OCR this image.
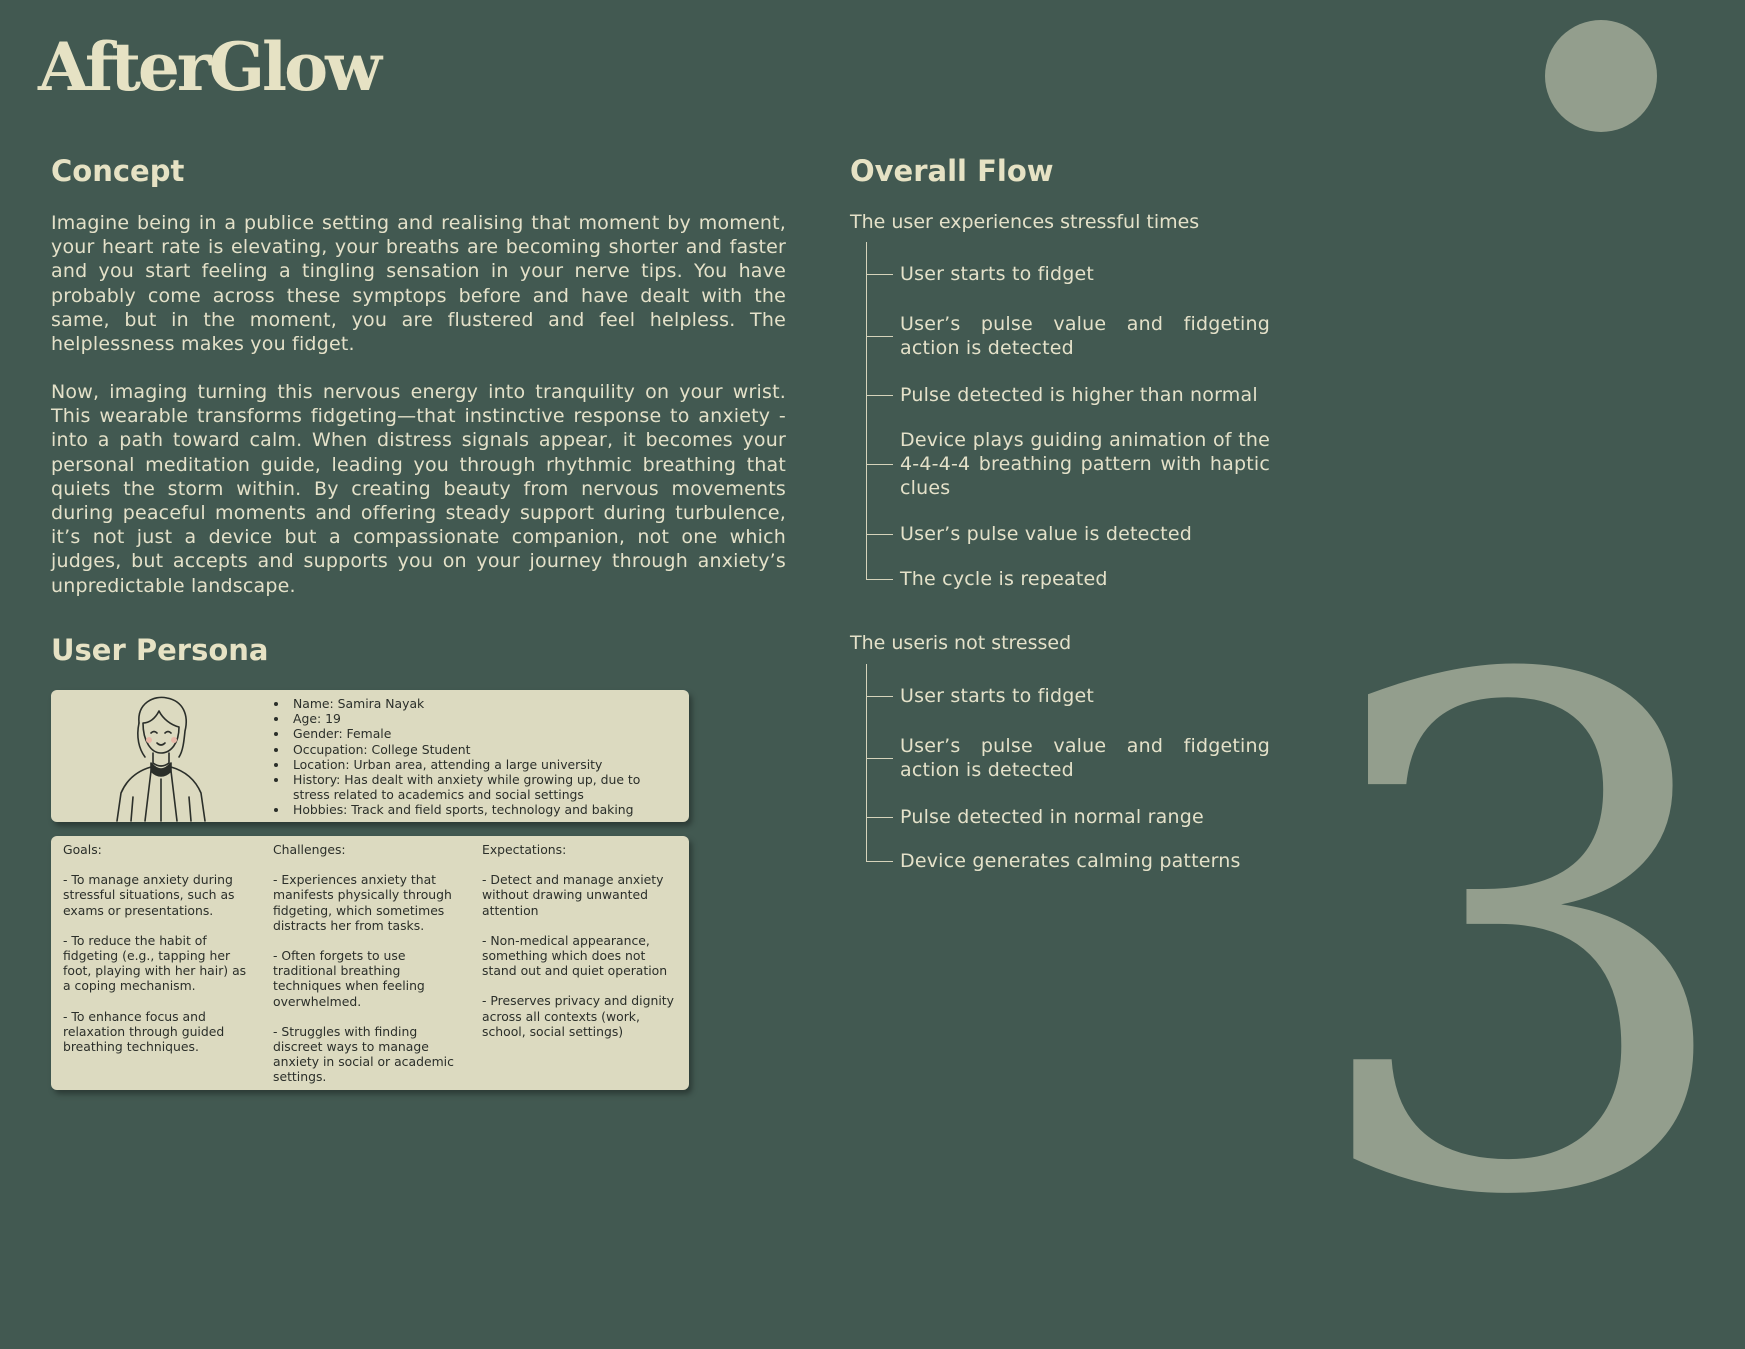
3
AfterGlow
Concept

Imagine being in a publice setting and realising that moment by moment, your heart rate is elevating, your breaths are becoming shorter and faster and you start feeling a tingling sensation in your nerve tips. You have probably come across these symptops before and have dealt with the same, but in the moment, you are flustered and feel helpless. The helplessness makes you fidget.

Now, imaging turning this nervous energy into tranquility on your wrist. This wearable transforms fidgeting—that instinctive response to anxiety - into a path toward calm. When distress signals appear, it becomes your personal meditation guide, leading you through rhythmic breathing that quiets the storm within. By creating beauty from nervous movements during peaceful moments and offering steady support during turbulence, it’s not just a device but a compassionate companion, not one which judges, but accepts and supports you on your journey through anxiety’s unpredictable landscape.

User Persona
• Name: Samira Nayak
• Age: 19
• Gender: Female
• Occupation: College Student
• Location: Urban area, attending a large university
• History: Has dealt with anxiety while growing up, due to stress related to academics and social settings
• Hobbies: Track and field sports, technology and baking
Goals:

- To manage anxiety during stressful situations, such as exams or presentations.

- To reduce the habit of fidgeting (e.g., tapping her foot, playing with her hair) as a coping mechanism.

- To enhance focus and relaxation through guided breathing techniques.

Challenges:

- Experiences anxiety that manifests physically through fidgeting, which sometimes distracts her from tasks.

- Often forgets to use traditional breathing techniques when feeling overwhelmed.

- Struggles with finding discreet ways to manage anxiety in social or academic settings.

Expectations:

- Detect and manage anxiety without drawing unwanted attention

- Non-medical appearance, something which does not stand out and quiet operation

- Preserves privacy and dignity across all contexts (work, school, social settings)

Overall Flow
The user experiences stressful times
User starts to fidget
User’s pulse value and fidgeting action is detected
Pulse detected is higher than normal
Device plays guiding animation of the 4-4-4-4 breathing pattern with haptic clues
User’s pulse value is detected
The cycle is repeated
The useris not stressed
User starts to fidget
User’s pulse value and fidgeting action is detected
Pulse detected in normal range
Device generates calming patterns
